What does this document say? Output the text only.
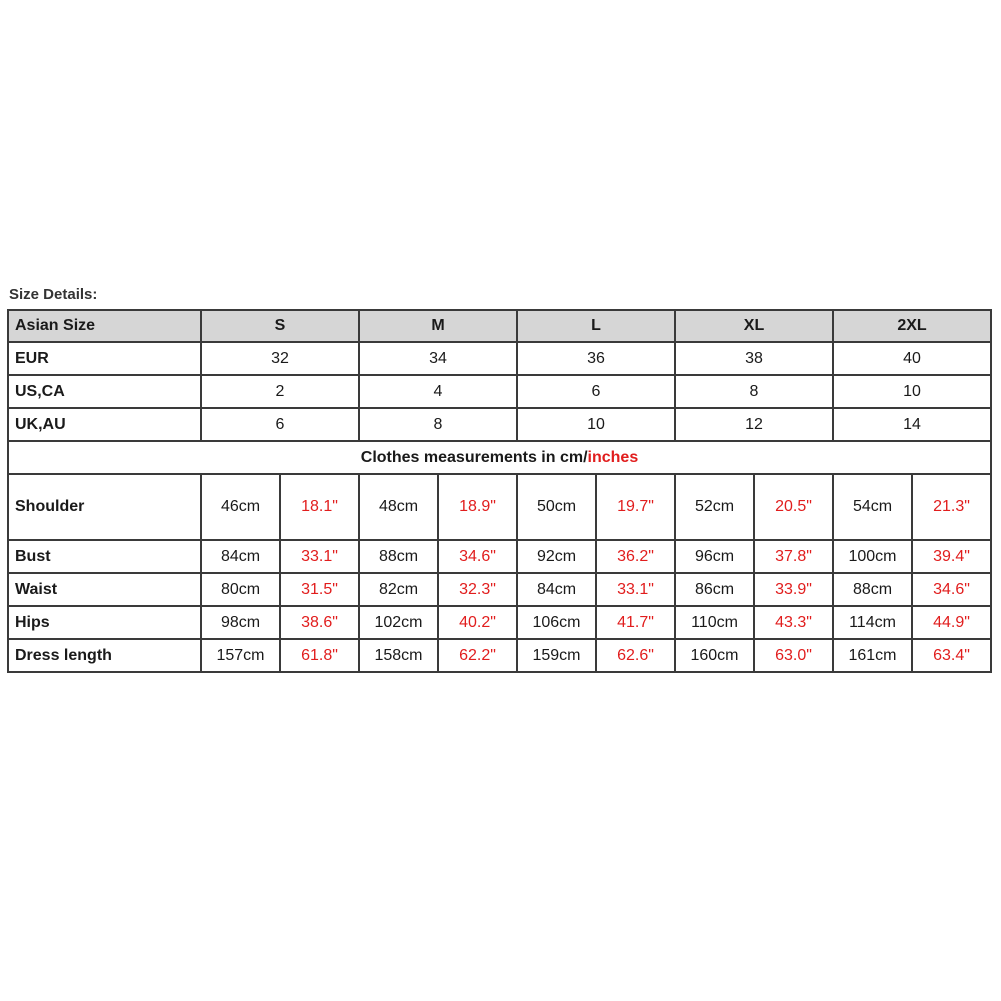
Size Details:
Asian Size	S		M		L		XL		2XL	
EUR	32		34		36		38		40	
US,CA	2		4		6		8		10	
UK,AU	6		8		10		12		14	
Clothes measurements in cm/inches										
Shoulder	46cm	18.1"	48cm	18.9"	50cm	19.7"	52cm	20.5"	54cm	21.3"
Bust	84cm	33.1"	88cm	34.6"	92cm	36.2"	96cm	37.8"	100cm	39.4"
Waist	80cm	31.5"	82cm	32.3"	84cm	33.1"	86cm	33.9"	88cm	34.6"
Hips	98cm	38.6"	102cm	40.2"	106cm	41.7"	110cm	43.3"	114cm	44.9"
Dress length	157cm	61.8"	158cm	62.2"	159cm	62.6"	160cm	63.0"	161cm	63.4"
